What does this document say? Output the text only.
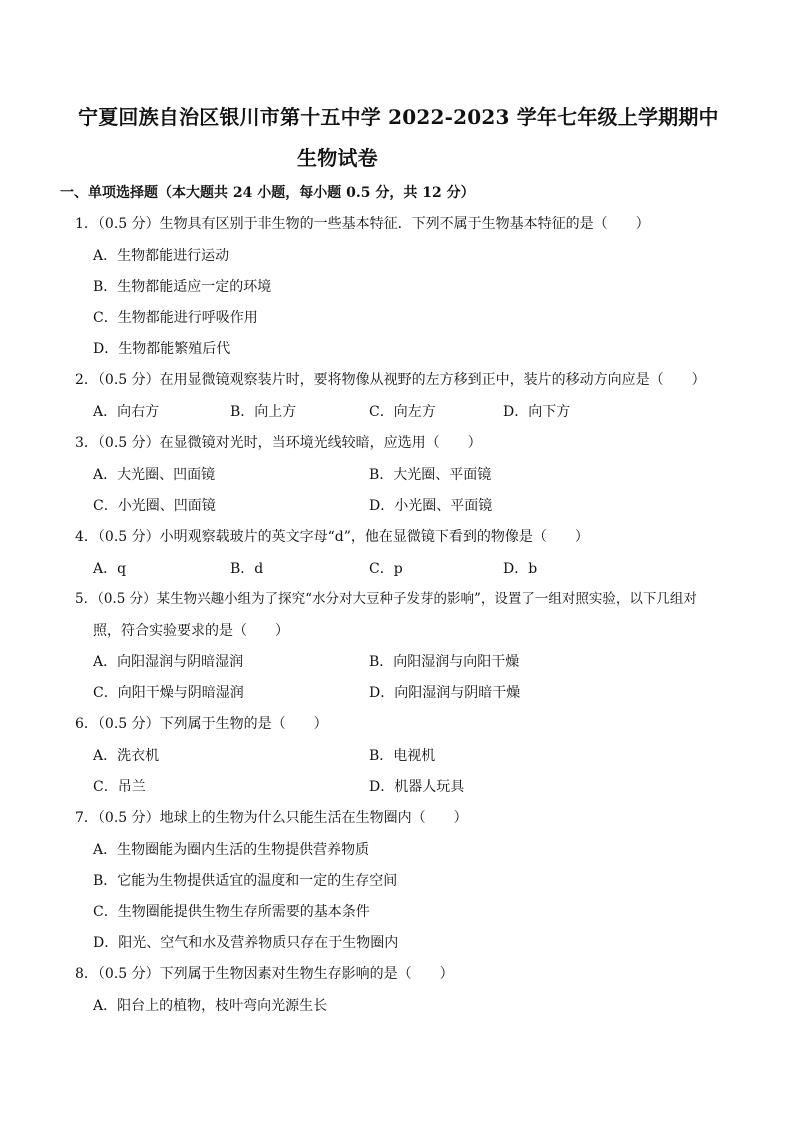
宁夏回族自治区银川市第十五中学 2022-2023 学年七年级上学期期中
生物试卷
一、单项选择题（本大题共 24 小题，每小题 0.5 分，共 12 分）
1．（0.5 分）生物具有区别于非生物的一些基本特征．下列不属于生物基本特征的是（　　）
A．生物都能进行运动
B．生物都能适应一定的环境
C．生物都能进行呼吸作用
D．生物都能繁殖后代
2．（0.5 分）在用显微镜观察装片时，要将物像从视野的左方移到正中，装片的移动方向应是（　　）
A．向右方	B．向上方	C．向左方	D．向下方
3．（0.5 分）在显微镜对光时，当环境光线较暗，应选用（　　）
A．大光圈、凹面镜	B．大光圈、平面镜
C．小光圈、凹面镜	D．小光圈、平面镜
4．（0.5 分）小明观察载玻片的英文字母“d”，他在显微镜下看到的物像是（　　）
A．q	B．d	C．p	D．b
5．（0.5 分）某生物兴趣小组为了探究“水分对大豆种子发芽的影响”，设置了一组对照实验，以下几组对
照，符合实验要求的是（　　）
A．向阳湿润与阴暗湿润	B．向阳湿润与向阳干燥
C．向阳干燥与阴暗湿润	D．向阳湿润与阴暗干燥
6．（0.5 分）下列属于生物的是（　　）
A．洗衣机	B．电视机
C．吊兰	D．机器人玩具
7．（0.5 分）地球上的生物为什么只能生活在生物圈内（　　）
A．生物圈能为圈内生活的生物提供营养物质
B．它能为生物提供适宜的温度和一定的生存空间
C．生物圈能提供生物生存所需要的基本条件
D．阳光、空气和水及营养物质只存在于生物圈内
8．（0.5 分）下列属于生物因素对生物生存影响的是（　　）
A．阳台上的植物，枝叶弯向光源生长
